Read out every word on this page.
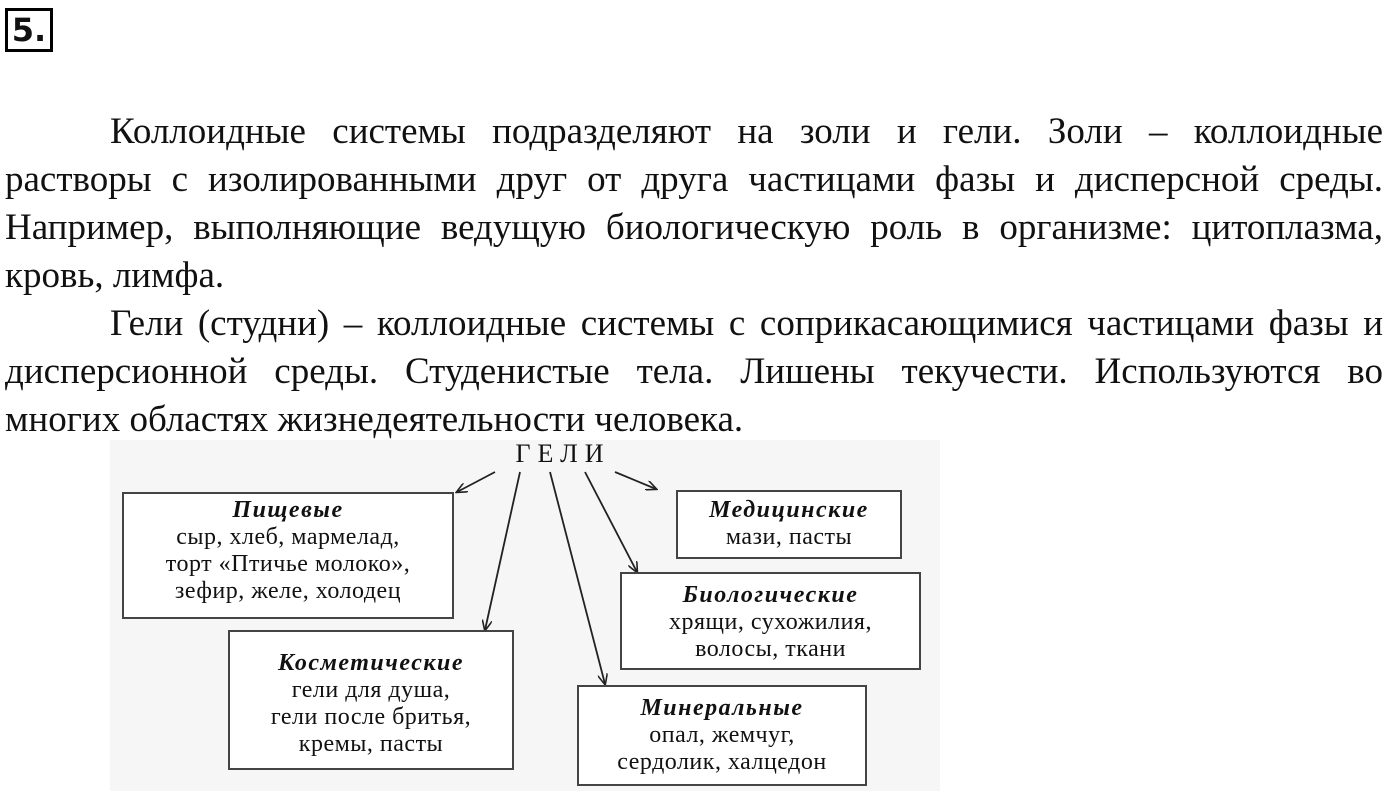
5.

Коллоидные системы подразделяют на золи и гели. Золи – коллоидные растворы с изолированными друг от друга частицами фазы и дисперсной среды. Например, выполняющие ведущую биологическую роль в организме: цитоплазма, кровь, лимфа.

Гели (студни) – коллоидные системы с соприкасающимися частицами фазы и дисперсионной среды. Студенистые тела. Лишены текучести. Используются во многих областях жизнедеятельности человека.

ГЕЛИ
Пищевые
сыр, хлеб, мармелад,
торт «Птичье молоко»,
зефир, желе, холодец
Косметические
гели для душа,
гели после бритья,
кремы, пасты
Минеральные
опал, жемчуг,
сердолик, халцедон
Биологические
хрящи, сухожилия,
волосы, ткани
Медицинские
мази, пасты
